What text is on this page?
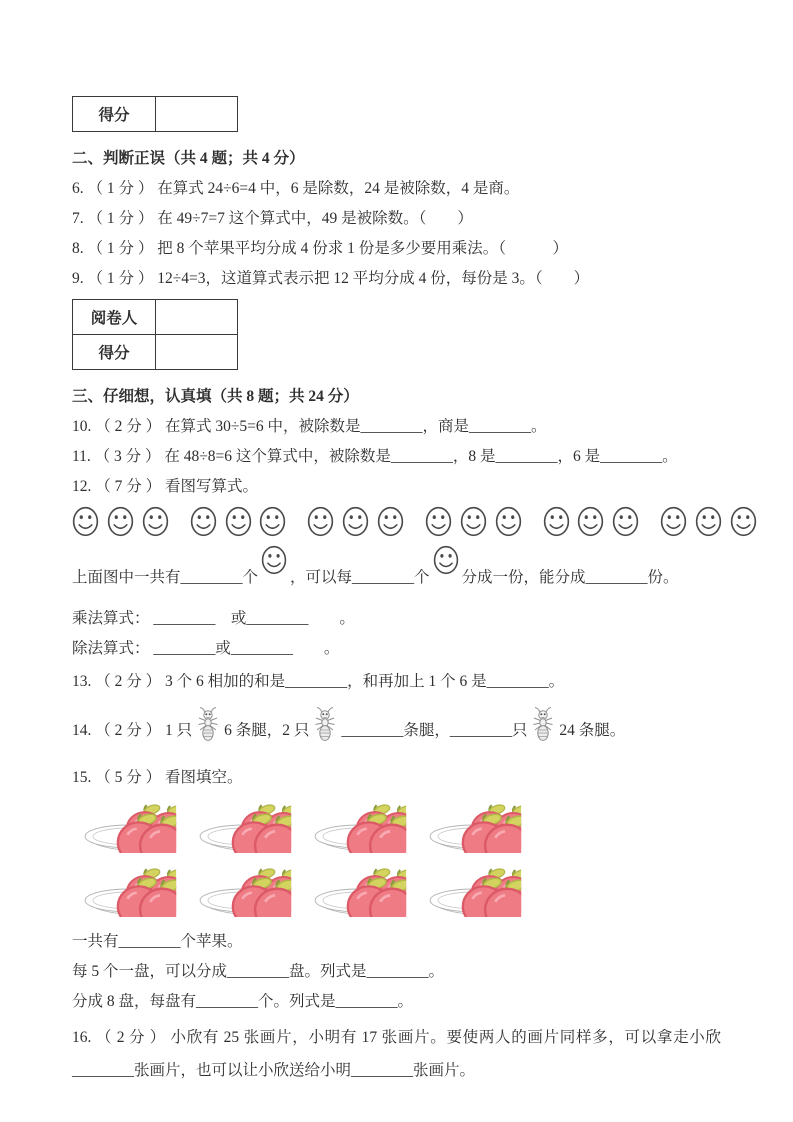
得分	
二、判断正误（共 4 题；共 4 分）

6. （ 1 分 ） 在算式 24÷6=4 中，6 是除数，24 是被除数，4 是商。

7. （ 1 分 ） 在 49÷7=7 这个算式中，49 是被除数。（　　）

8. （ 1 分 ） 把 8 个苹果平均分成 4 份求 1 份是多少要用乘法。（　　　）

9. （ 1 分 ） 12÷4=3，这道算式表示把 12 平均分成 4 份，每份是 3。（　　）

阅卷人	
得分	
三、仔细想，认真填（共 8 题；共 24 分）

10. （ 2 分 ） 在算式 30÷5=6 中，被除数是________，商是________。

11. （ 3 分 ） 在 48÷8=6 这个算式中，被除数是________，8 是________，6 是________。

12. （ 7 分 ） 看图写算式。

上面图中一共有________个 ，可以每________个 分成一份，能分成________份。

乘法算式： ________　或________　　。

除法算式： ________或________　　。

13. （ 2 分 ） 3 个 6 相加的和是________，和再加上 1 个 6 是________。

14. （ 2 分 ） 1 只 6 条腿，2 只 ________条腿，________只 24 条腿。

15. （ 5 分 ） 看图填空。

一共有________个苹果。

每 5 个一盘，可以分成________盘。列式是________。

分成 8 盘，每盘有________个。列式是________。

16. （ 2 分 ） 小欣有 25 张画片，小明有 17 张画片。要使两人的画片同样多，可以拿走小欣________张画片，也可以让小欣送给小明________张画片。
